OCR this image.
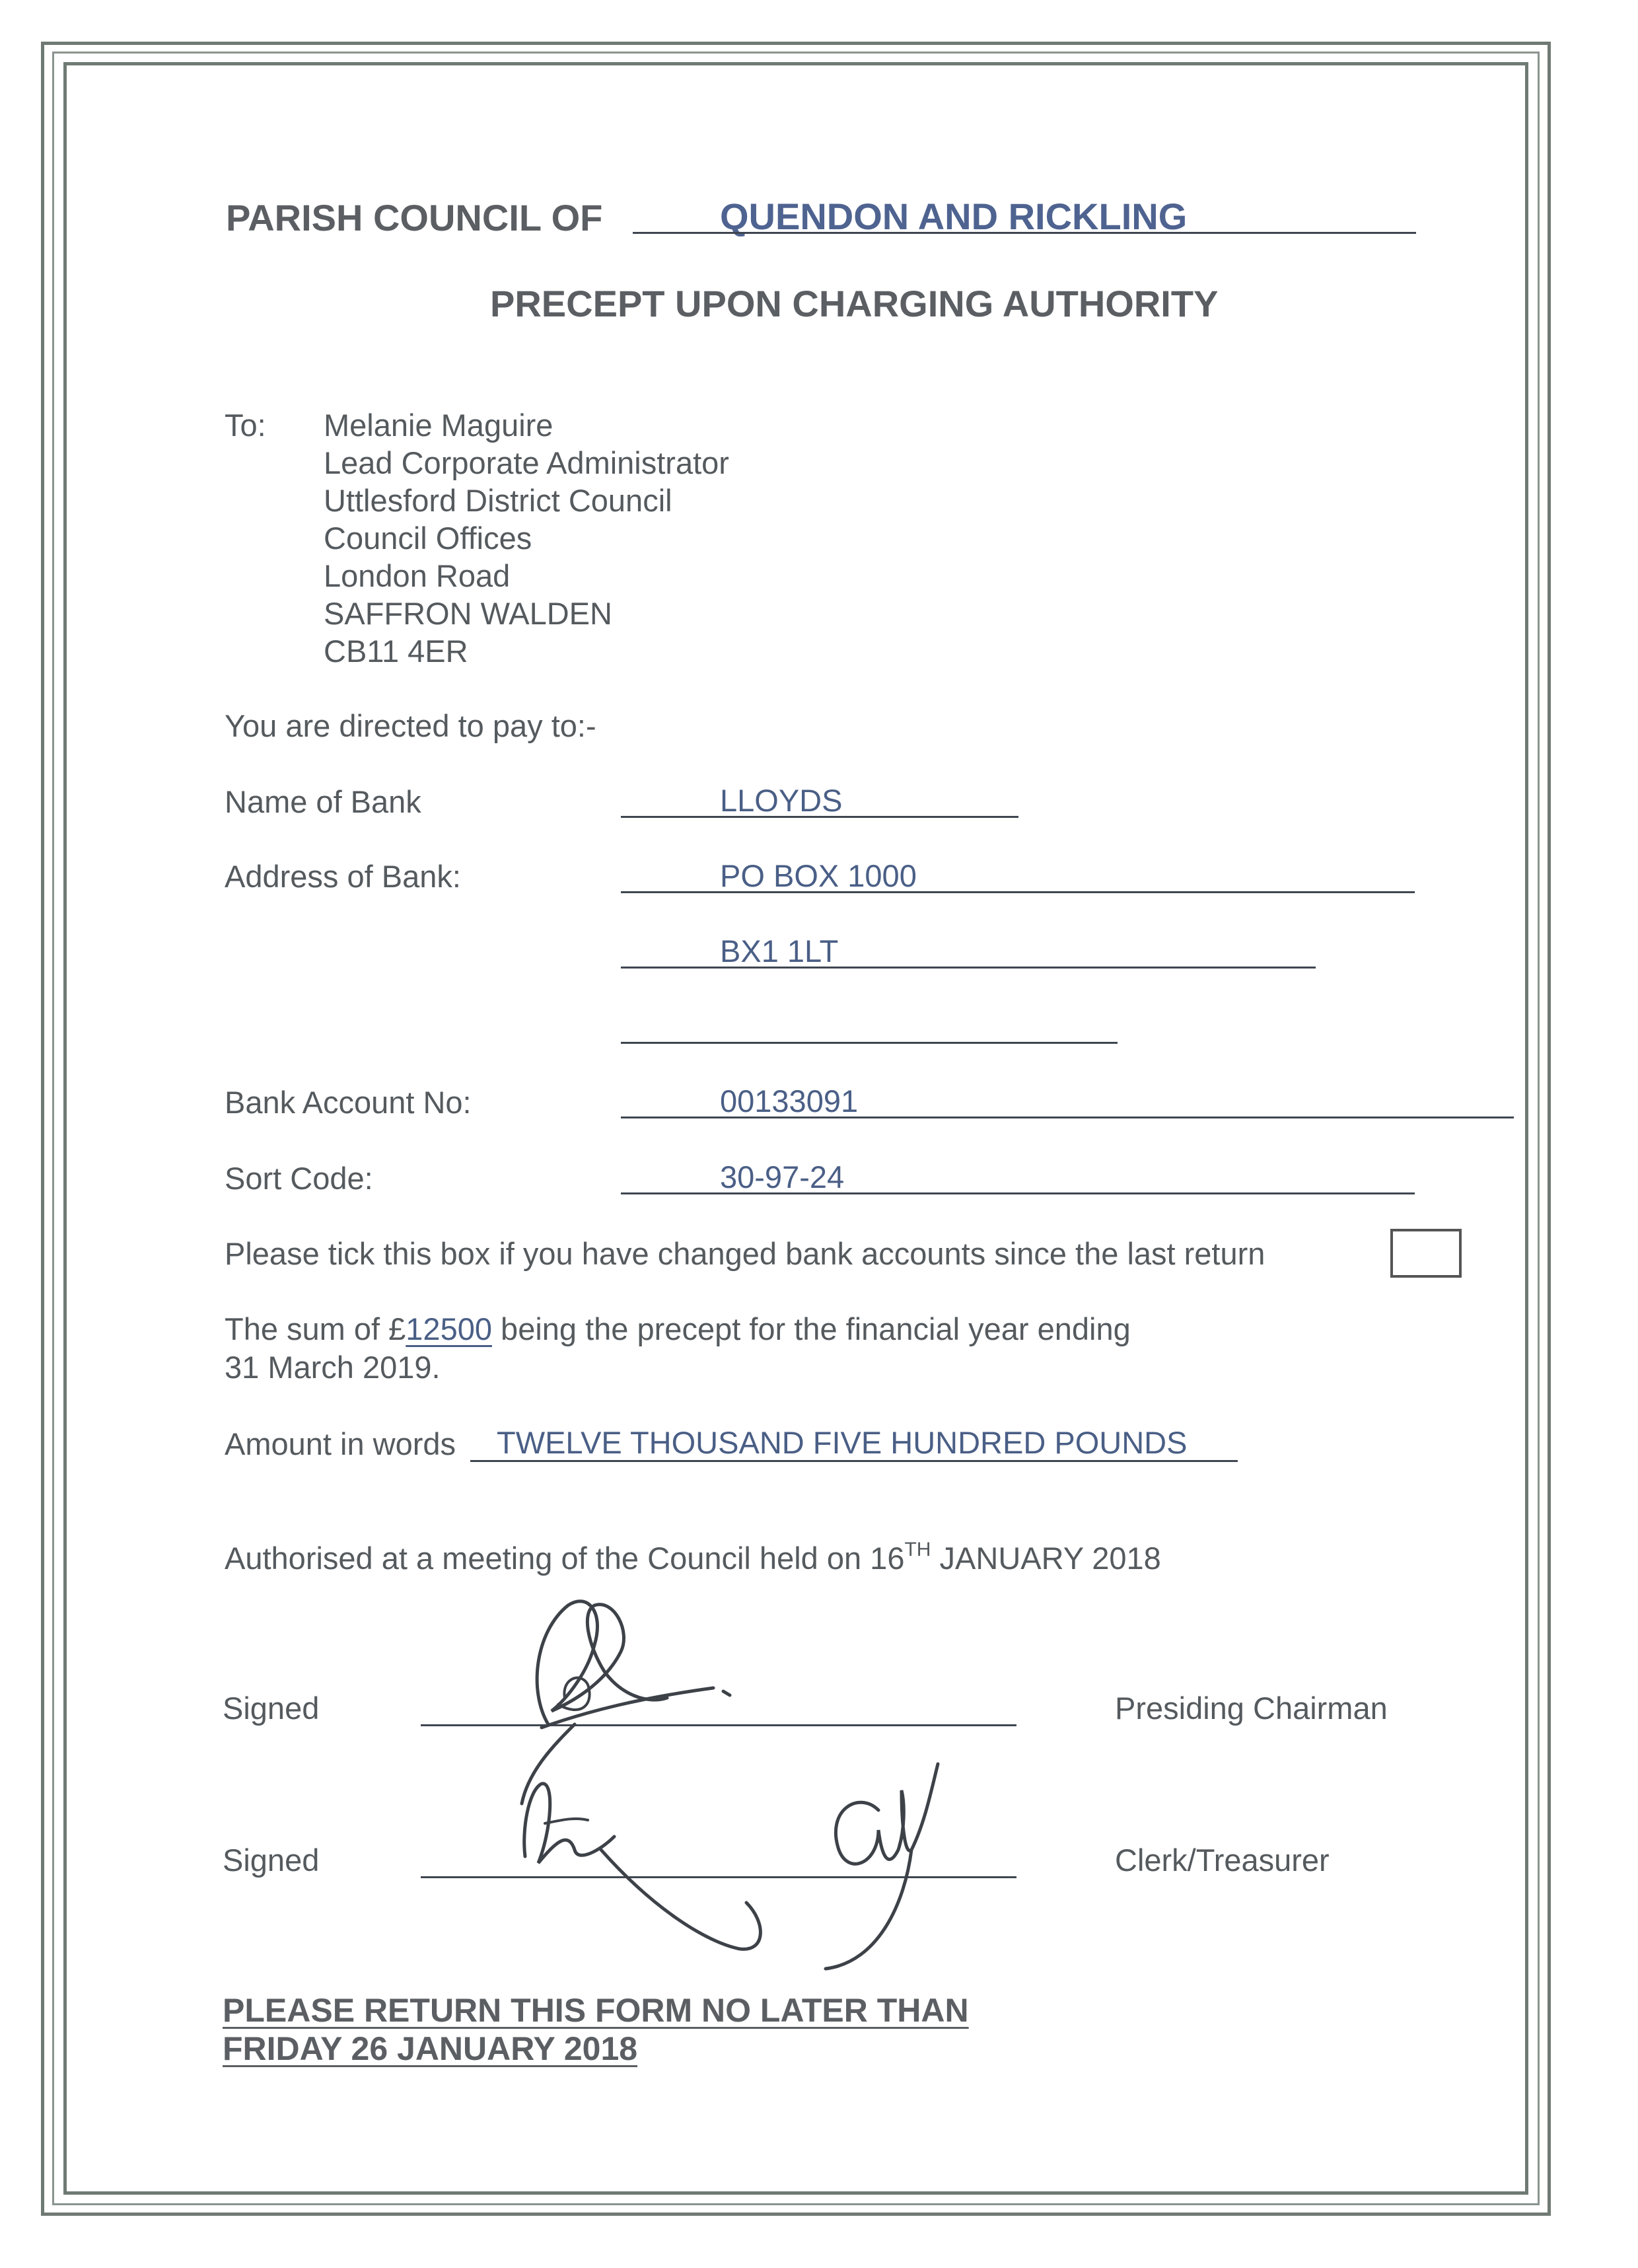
PARISH COUNCIL OF	QUENDON AND RICKLING
PRECEPT UPON CHARGING AUTHORITY
To: Melanie Maguire
Lead Corporate Administrator
Uttlesford District Council
Council Offices
London Road
SAFFRON WALDEN
CB11 4ER
You are directed to pay to:-
Name of Bank	LLOYDS
Address of Bank:	PO BOX 1000
BX1 1LT
Bank Account No:	00133091
Sort Code:	30-97-24
Please tick this box if you have changed bank accounts since the last return
The sum of £12500 being the precept for the financial year ending
31 March 2019.
Amount in words TWELVE THOUSAND FIVE HUNDRED POUNDS
Authorised at a meeting of the Council held on 16TH JANUARY 2018
Signed	Presiding Chairman
Signed	Clerk/Treasurer
PLEASE RETURN THIS FORM NO LATER THAN
FRIDAY 26 JANUARY 2018
